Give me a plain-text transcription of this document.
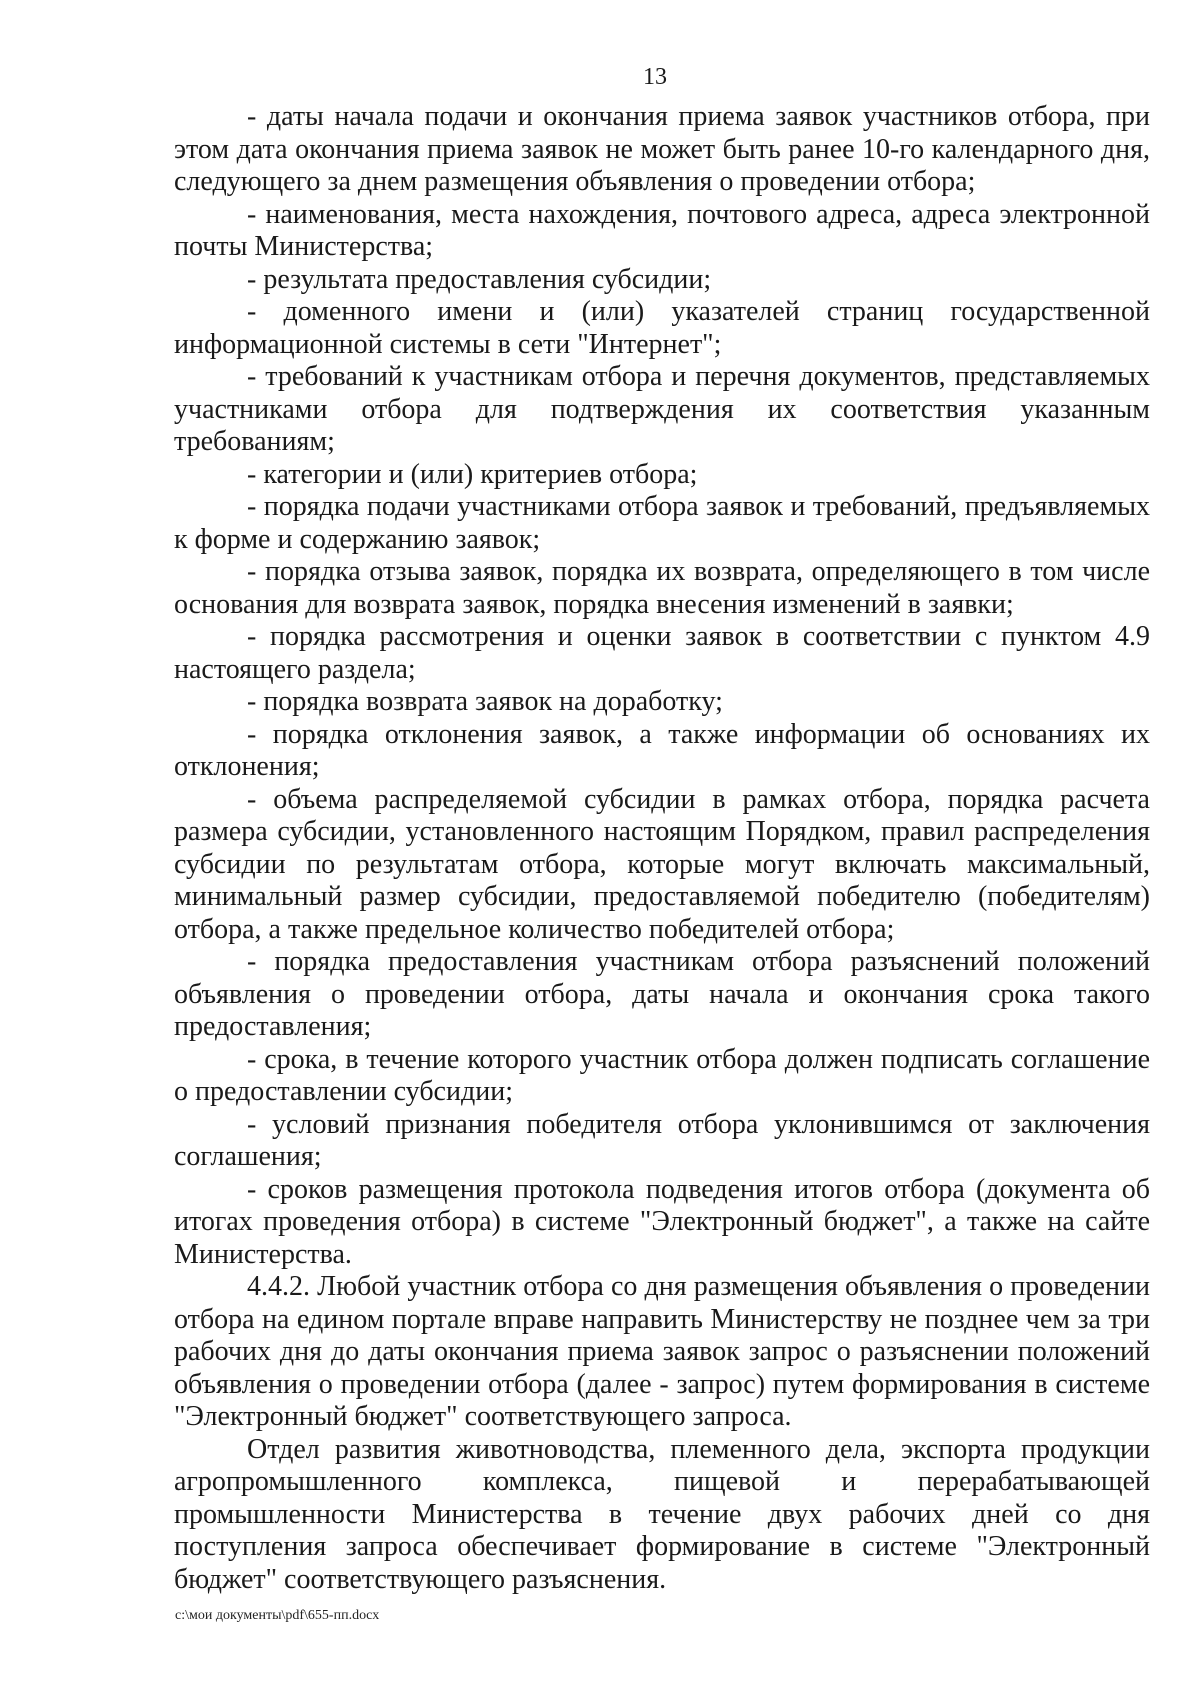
13

- даты начала подачи и окончания приема заявок участников отбора, при этом дата окончания приема заявок не может быть ранее 10-го календарного дня, следующего за днем размещения объявления о проведении отбора;

- наименования, места нахождения, почтового адреса, адреса электронной почты Министерства;

- результата предоставления субсидии;

- доменного имени и (или) указателей страниц государственной информационной системы в сети "Интернет";

- требований к участникам отбора и перечня документов, представляемых участниками отбора для подтверждения их соответствия указанным требованиям;

- категории и (или) критериев отбора;

- порядка подачи участниками отбора заявок и требований, предъявляемых к форме и содержанию заявок;

- порядка отзыва заявок, порядка их возврата, определяющего в том числе основания для возврата заявок, порядка внесения изменений в заявки;

- порядка рассмотрения и оценки заявок в соответствии с пунктом 4.9 настоящего раздела;

- порядка возврата заявок на доработку;

- порядка отклонения заявок, а также информации об основаниях их отклонения;

- объема распределяемой субсидии в рамках отбора, порядка расчета размера субсидии, установленного настоящим Порядком, правил распределения субсидии по результатам отбора, которые могут включать максимальный, минимальный размер субсидии, предоставляемой победителю (победителям) отбора, а также предельное количество победителей отбора;

- порядка предоставления участникам отбора разъяснений положений объявления о проведении отбора, даты начала и окончания срока такого предоставления;

- срока, в течение которого участник отбора должен подписать соглашение о предоставлении субсидии;

- условий признания победителя отбора уклонившимся от заключения соглашения;

- сроков размещения протокола подведения итогов отбора (документа об итогах проведения отбора) в системе "Электронный бюджет", а также на сайте Министерства.

4.4.2. Любой участник отбора со дня размещения объявления о проведении отбора на едином портале вправе направить Министерству не позднее чем за три рабочих дня до даты окончания приема заявок запрос о разъяснении положений объявления о проведении отбора (далее - запрос) путем формирования в системе "Электронный бюджет" соответствующего запроса.

Отдел развития животноводства, племенного дела, экспорта продукции агропромышленного комплекса, пищевой и перерабатывающей промышленности Министерства в течение двух рабочих дней со дня поступления запроса обеспечивает формирование в системе "Электронный бюджет" соответствующего разъяснения.

c:\мои документы\pdf\655-пп.docx
